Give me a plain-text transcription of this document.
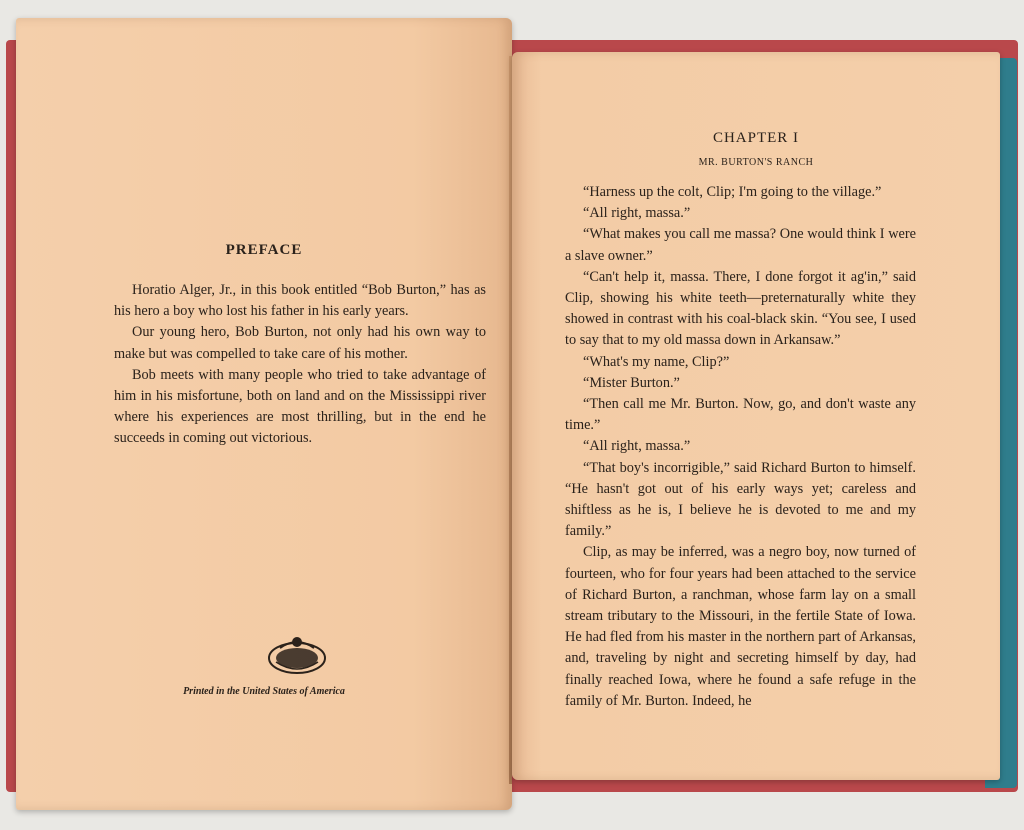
PREFACE

Horatio Alger, Jr., in this book entitled “Bob Burton,” has as his hero a boy who lost his father in his early years.

Our young hero, Bob Burton, not only had his own way to make but was compelled to take care of his mother.

Bob meets with many people who tried to take advantage of him in his misfortune, both on land and on the Mississippi river where his experiences are most thrilling, but in the end he succeeds in coming out victorious.

Printed in the United States of America
CHAPTER I
MR. BURTON'S RANCH

“Harness up the colt, Clip; I'm going to the village.”

“All right, massa.”

“What makes you call me massa? One would think I were a slave owner.”

“Can't help it, massa. There, I done forgot it ag'in,” said Clip, showing his white teeth—preternaturally white they showed in contrast with his coal-black skin. “You see, I used to say that to my old massa down in Arkansaw.”

“What's my name, Clip?”

“Mister Burton.”

“Then call me Mr. Burton. Now, go, and don't waste any time.”

“All right, massa.”

“That boy's incorrigible,” said Richard Burton to himself. “He hasn't got out of his early ways yet; careless and shiftless as he is, I believe he is devoted to me and my family.”

Clip, as may be inferred, was a negro boy, now turned of fourteen, who for four years had been attached to the service of Richard Burton, a ranchman, whose farm lay on a small stream tributary to the Missouri, in the fertile State of Iowa. He had fled from his master in the northern part of Arkansas, and, traveling by night and secreting himself by day, had finally reached Iowa, where he found a safe refuge in the family of Mr. Burton. Indeed, he
